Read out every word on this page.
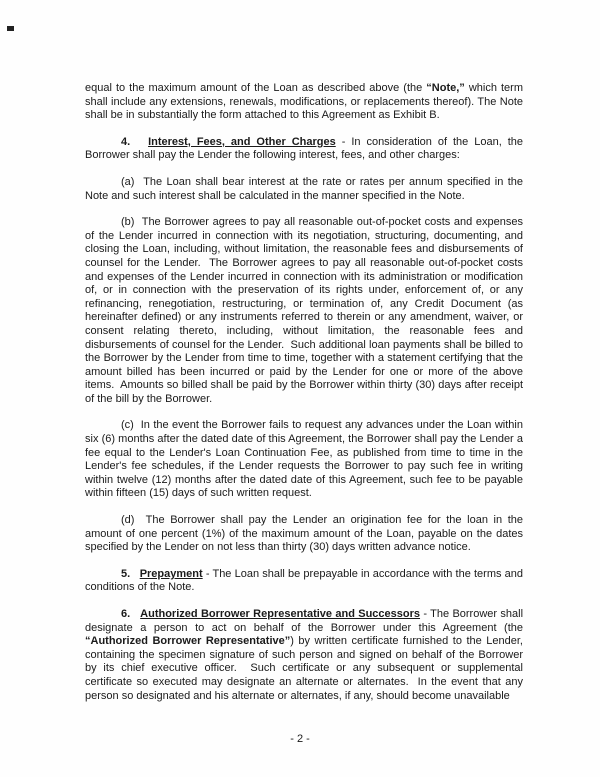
equal to the maximum amount of the Loan as described above (the “Note,” which term shall include any extensions, renewals, modifications, or replacements thereof). The Note shall be in substantially the form attached to this Agreement as Exhibit B.

4.   Interest, Fees, and Other Charges - In consideration of the Loan, the Borrower shall pay the Lender the following interest, fees, and other charges:

(a)  The Loan shall bear interest at the rate or rates per annum specified in the Note and such interest shall be calculated in the manner specified in the Note.

(b)  The Borrower agrees to pay all reasonable out-of-pocket costs and expenses of the Lender incurred in connection with its negotiation, structuring, documenting, and closing the Loan, including, without limitation, the reasonable fees and disbursements of counsel for the Lender.  The Borrower agrees to pay all reasonable out-of-pocket costs and expenses of the Lender incurred in connection with its administration or modification of, or in connection with the preservation of its rights under, enforcement of, or any refinancing, renegotiation, restructuring, or termination of, any Credit Document (as hereinafter defined) or any instruments referred to therein or any amendment, waiver, or consent relating thereto, including, without limitation, the reasonable fees and disbursements of counsel for the Lender.  Such additional loan payments shall be billed to the Borrower by the Lender from time to time, together with a statement certifying that the amount billed has been incurred or paid by the Lender for one or more of the above items.  Amounts so billed shall be paid by the Borrower within thirty (30) days after receipt of the bill by the Borrower.

(c)  In the event the Borrower fails to request any advances under the Loan within six (6) months after the dated date of this Agreement, the Borrower shall pay the Lender a fee equal to the Lender's Loan Continuation Fee, as published from time to time in the Lender's fee schedules, if the Lender requests the Borrower to pay such fee in writing within twelve (12) months after the dated date of this Agreement, such fee to be payable within fifteen (15) days of such written request.

(d)  The Borrower shall pay the Lender an origination fee for the loan in the amount of one percent (1%) of the maximum amount of the Loan, payable on the dates specified by the Lender on not less than thirty (30) days written advance notice.

5.   Prepayment - The Loan shall be prepayable in accordance with the terms and conditions of the Note.

6.   Authorized Borrower Representative and Successors - The Borrower shall designate a person to act on behalf of the Borrower under this Agreement (the “Authorized Borrower Representative”) by written certificate furnished to the Lender, containing the specimen signature of such person and signed on behalf of the Borrower by its chief executive officer.  Such certificate or any subsequent or supplemental certificate so executed may designate an alternate or alternates.  In the event that any person so designated and his alternate or alternates, if any, should become unavailable

- 2 -
